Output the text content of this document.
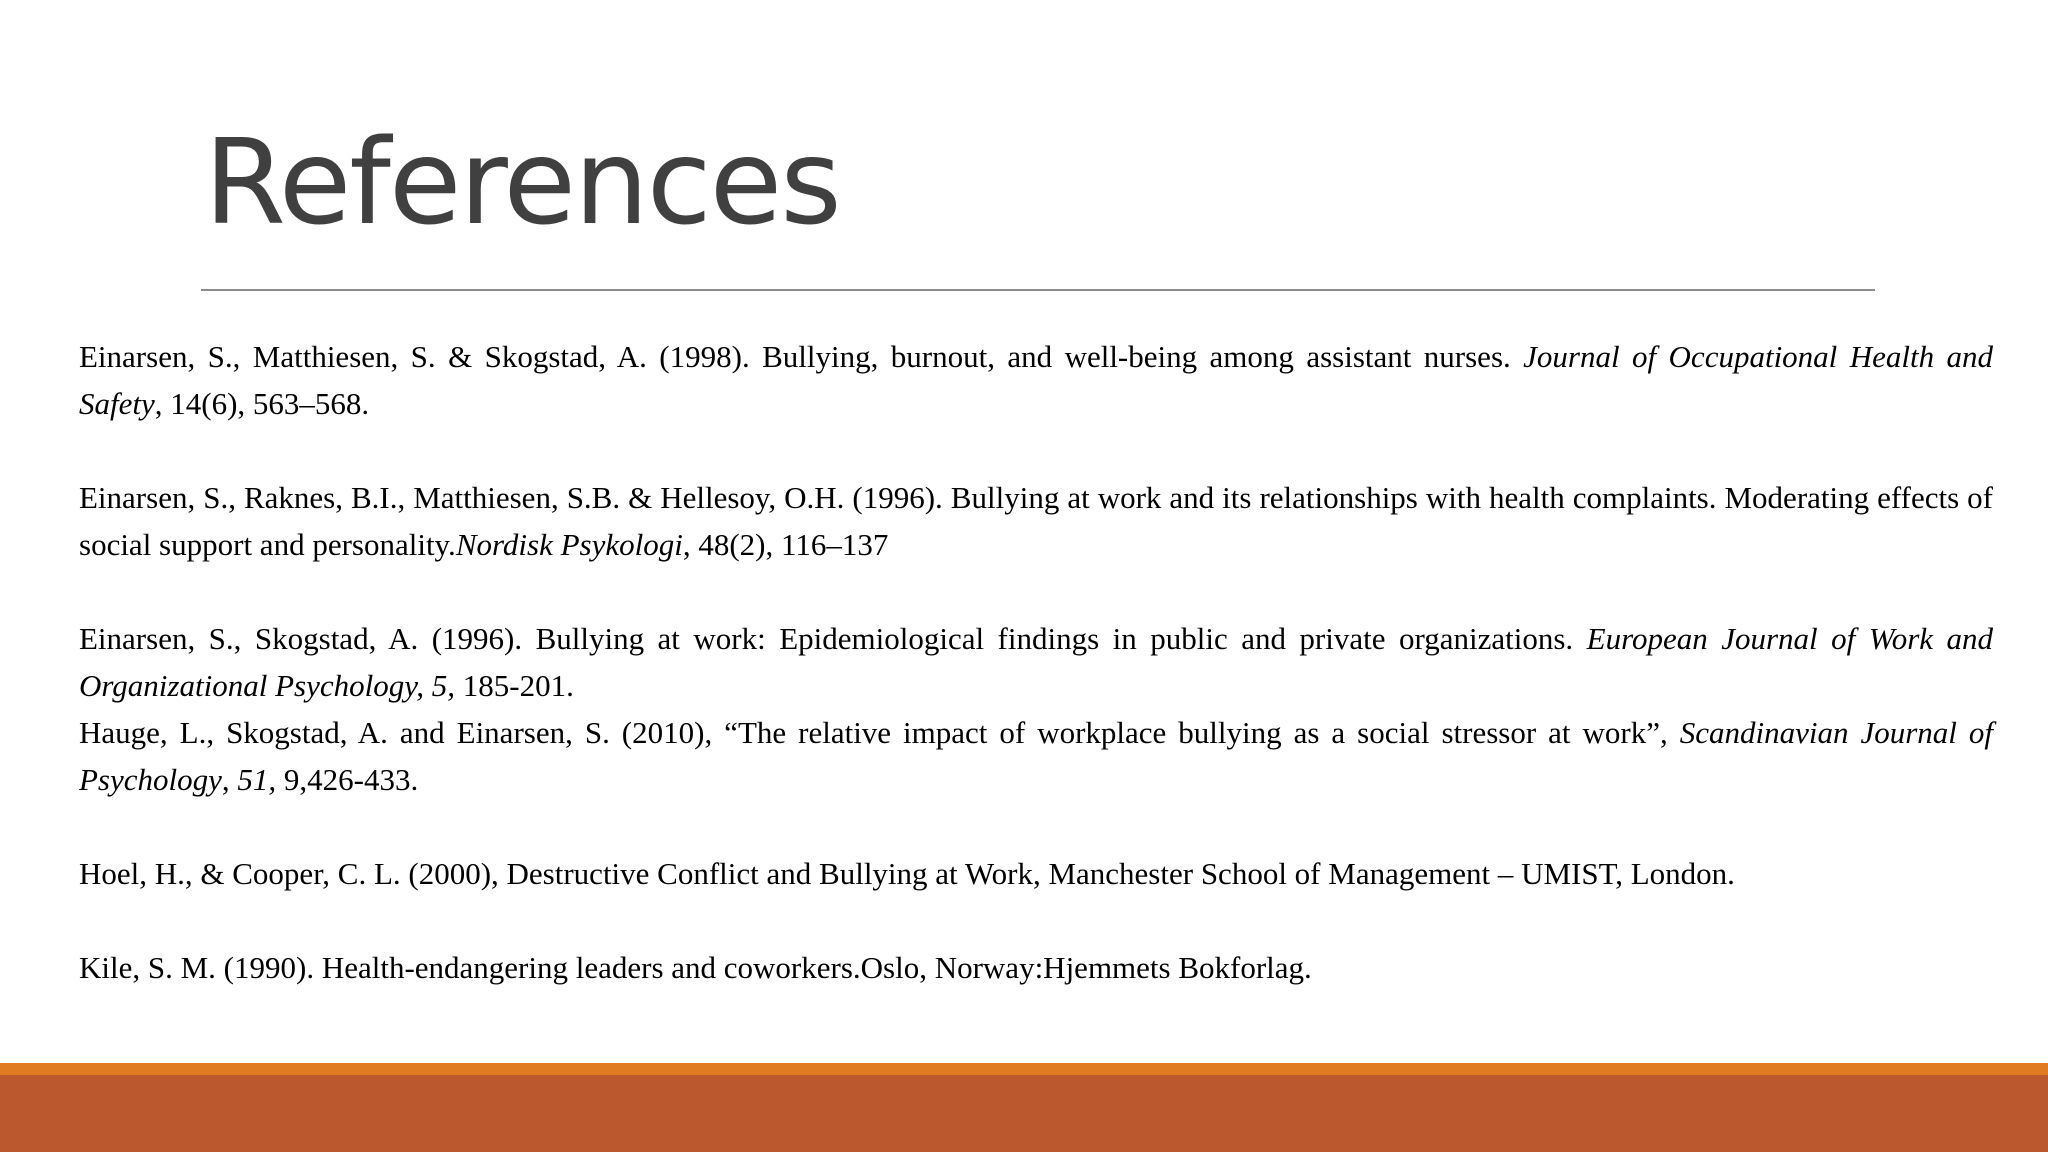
References

Einarsen, S., Matthiesen, S. & Skogstad, A. (1998). Bullying, burnout, and well-being among assistant nurses. Journal of Occupational Health and Safety, 14(6), 563–568.

Einarsen, S., Raknes, B.I., Matthiesen, S.B. & Hellesoy, O.H. (1996). Bullying at work and its relationships with health complaints. Moderating effects of social support and personality.Nordisk Psykologi, 48(2), 116–137

Einarsen, S., Skogstad, A. (1996). Bullying at work: Epidemiological findings in public and private organizations. European Journal of Work and Organizational Psychology, 5, 185-201.

Hauge, L., Skogstad, A. and Einarsen, S. (2010), “The relative impact of workplace bullying as a social stressor at work”, Scandinavian Journal of Psychology, 51, 9,426-433.

Hoel, H., & Cooper, C. L. (2000), Destructive Conflict and Bullying at Work, Manchester School of Management – UMIST, London.

Kile, S. M. (1990). Health-endangering leaders and coworkers.Oslo, Norway:Hjemmets Bokforlag.
